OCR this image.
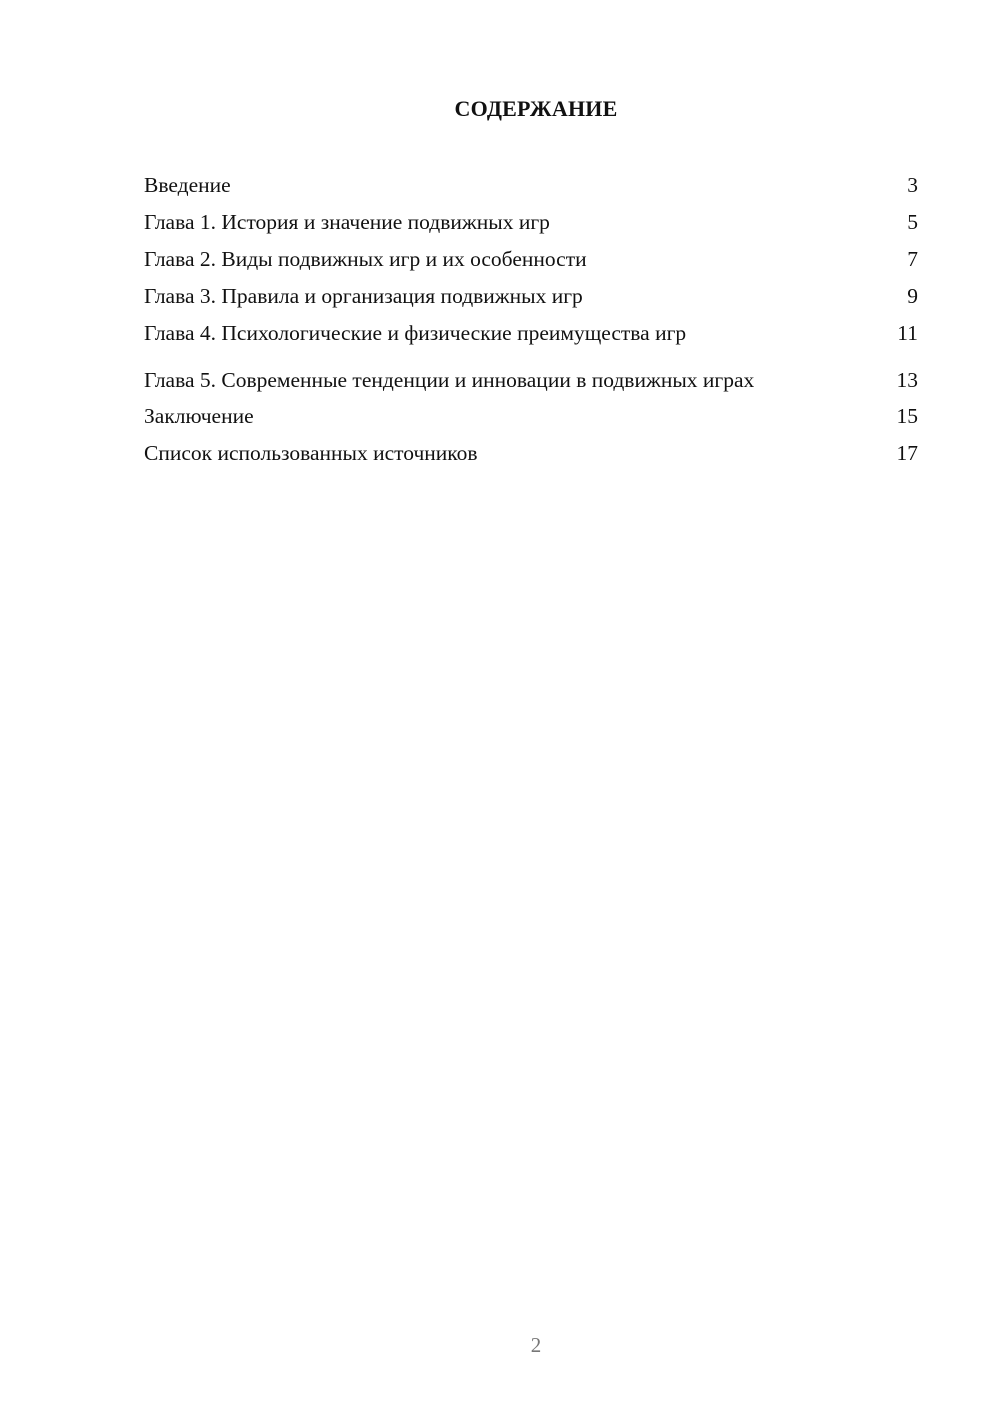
СОДЕРЖАНИЕ
Введение	3
Глава 1. История и значение подвижных игр	5
Глава 2. Виды подвижных игр и их особенности	7
Глава 3. Правила и организация подвижных игр	9
Глава 4. Психологические и физические преимущества игр	11
Глава 5. Современные тенденции и инновации в подвижных играх	13
Заключение	15
Список использованных источников	17
2
